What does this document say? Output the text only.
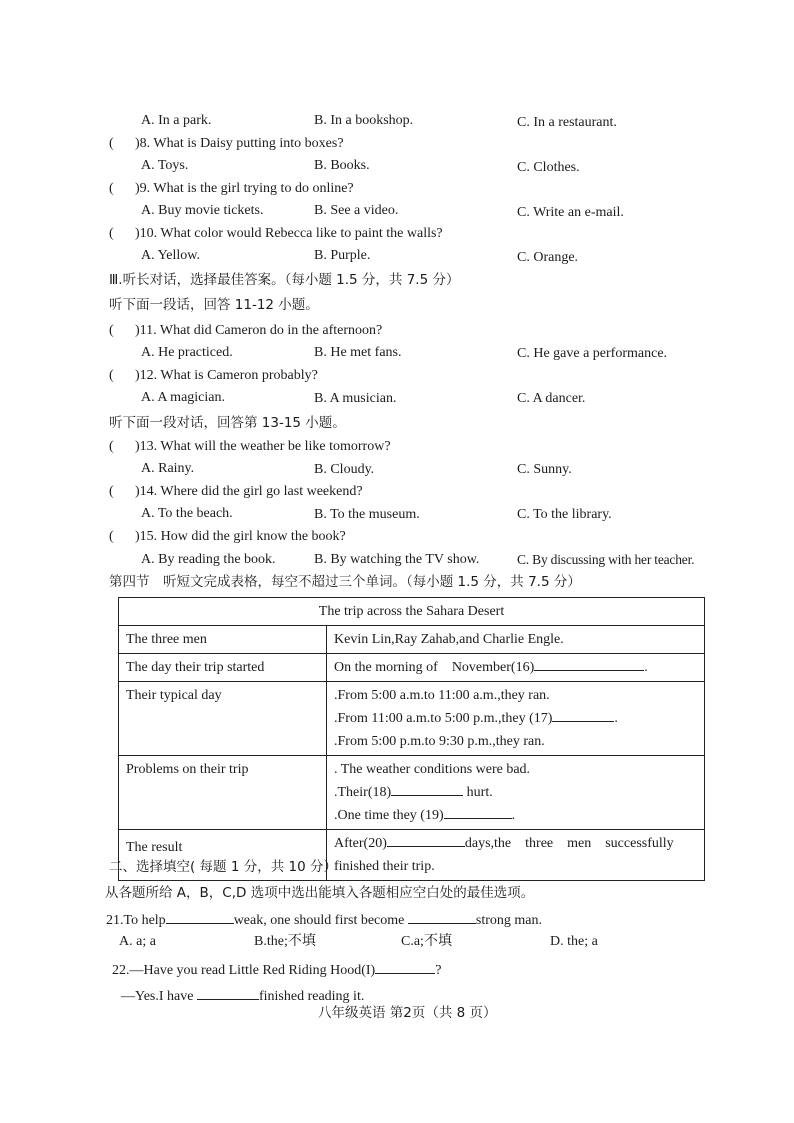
A. In a park.	B. In a bookshop.	C. In a restaurant.
( )8. What is Daisy putting into boxes?
A. Toys.	B. Books.	C. Clothes.
( )9. What is the girl trying to do online?
A. Buy movie tickets.	B. See a video.	C. Write an e-mail.
( )10. What color would Rebecca like to paint the walls?
A. Yellow.	B. Purple.	C. Orange.
Ⅲ.听长对话，选择最佳答案。（每小题 1.5 分，共 7.5 分）
听下面一段话，回答 11-12 小题。
( )11. What did Cameron do in the afternoon?
A. He practiced.	B. He met fans.	C. He gave a performance.
( )12. What is Cameron probably?
A. A magician.	B. A musician.	C. A dancer.
听下面一段对话，回答第 13-15 小题。
( )13. What will the weather be like tomorrow?
A. Rainy.	B. Cloudy.	C. Sunny.
( )14. Where did the girl go last weekend?
A. To the beach.	B. To the museum.	C. To the library.
( )15. How did the girl know the book?
A. By reading the book.	B. By watching the TV show.	C. By discussing with her teacher.
第四节　听短文完成表格，每空不超过三个单词。（每小题 1.5 分，共 7.5 分）
The trip across the Sahara Desert	
The three men	Kevin Lin,Ray Zahab,and Charlie Engle.
The day their trip started	On the morning of　November(16) .
Their typical day	.From 5:00 a.m.to 11:00 a.m.,they ran.
.From 11:00 a.m.to 5:00 p.m.,they (17) .
.From 5:00 p.m.to 9:30 p.m.,they ran.

Problems on their trip	. The weather conditions were bad.
.Their(18) hurt.
.One time they (19) .

The result	After(20) days,the　three　men　successfully
finished their trip.
二、选择填空( 每题 1 分，共 10 分）
从各题所给 A，B，C,D 选项中选出能填入各题相应空白处的最佳选项。
21.To help	weak, one should first become	strong man.
A. a; a	B.the;不填	C.a;不填	D. the; a
22.—Have you read Little Red Riding Hood(I)	?
—Yes.I have	finished reading it.
八年级英语 第2页（共 8 页）
